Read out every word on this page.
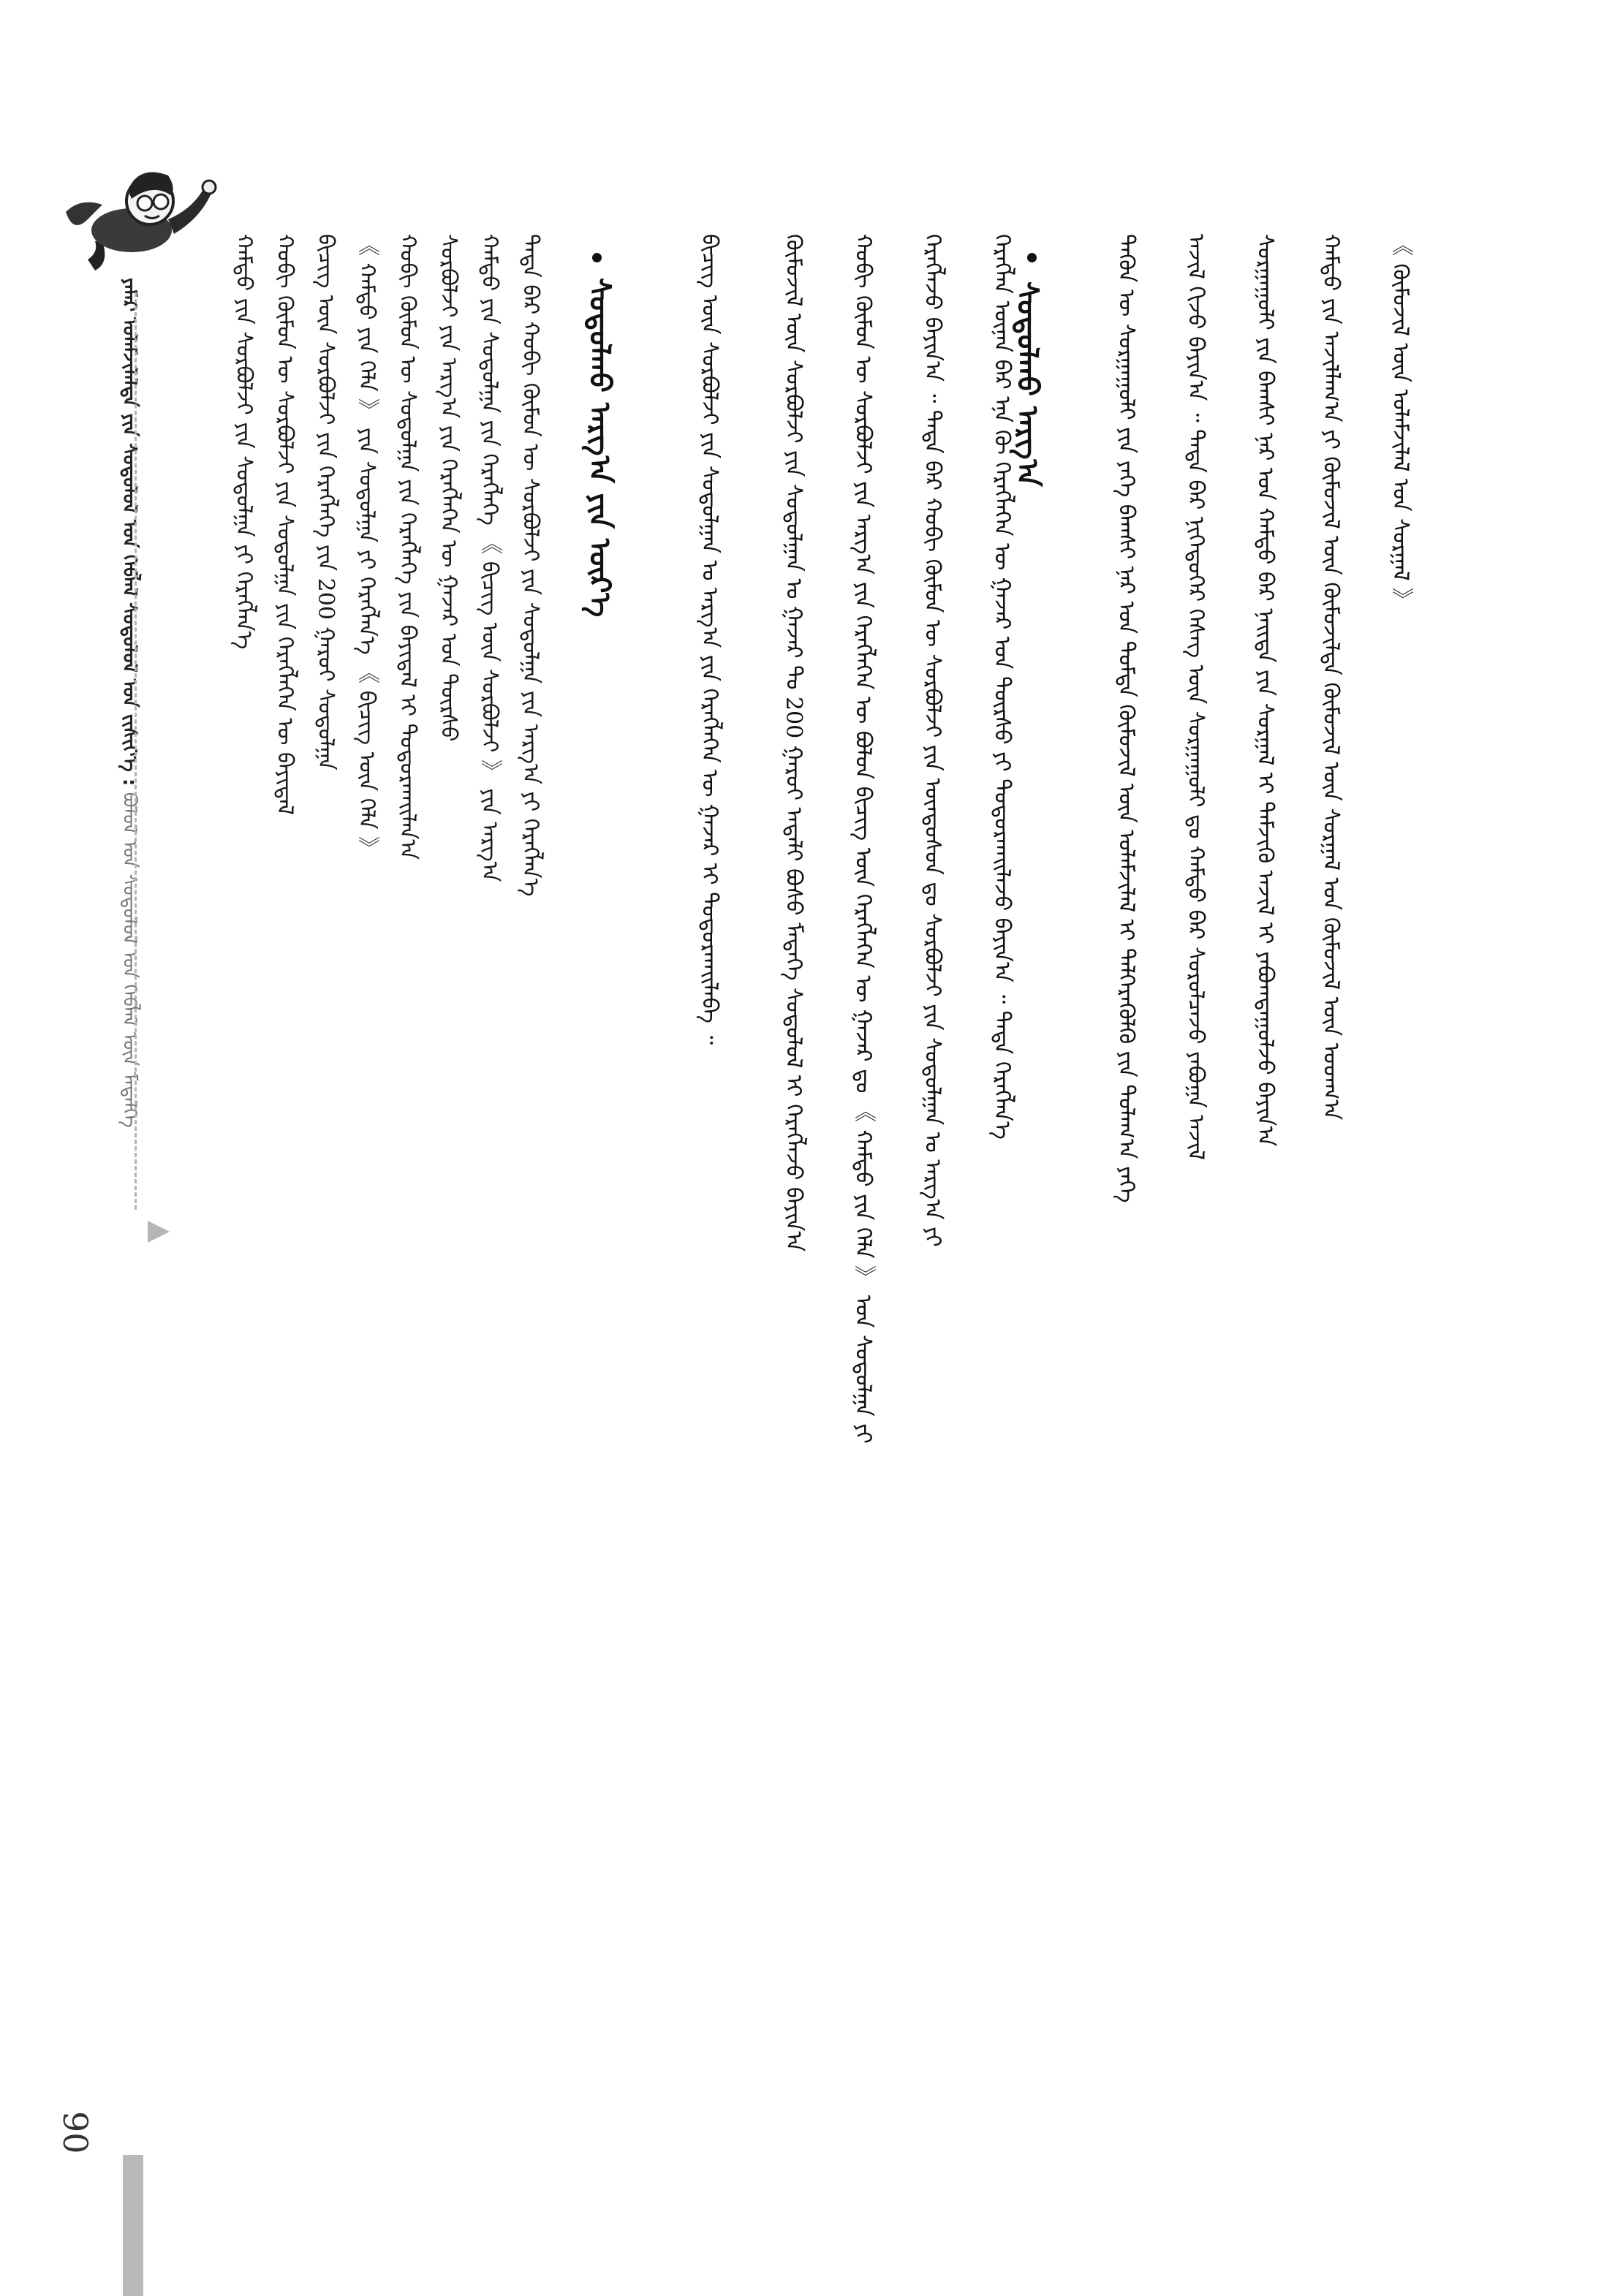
ᠶᠠᠮᠠᠷ ᠤᠯᠠᠮᠵᠢᠯᠠᠯᠲᠠ ᠶᠢᠨ ᠰᠤᠳᠤᠯᠤᠯ ᠤᠨ ᠬᠡᠪᠯᠡᠯ ᠰᠤᠳᠤᠯᠤᠯ ᠤᠨ ᠵᠢᠰᠢᠶ᠎ᠡ : ᠪᠤᠯᠤᠯ ᠤᠨ ᠰᠤᠳᠤᠯᠤᠯ ᠤᠨ ᠬᠡᠪᠯᠡᠯ ᠦᠨ ᠮᠡᠳᠡᠯᠭᠡ
ᠬᠠᠮᠲᠤ ᠶᠢᠨ ᠰᠤᠷᠪᠤᠯᠵᠢ ᠶᠢᠨ ᠰᠤᠳᠤᠯᠭᠠ ᠶᠢ ᠬᠡᠷᠡᠭᠯᠡᠨ᠎ᠡ ᠬᠤᠪᠢ ᠬᠦᠮᠦᠨ ᠦ ᠰᠤᠷᠪᠤᠯᠵᠢ ᠶᠢᠨ ᠰᠤᠳᠤᠯᠭᠠ ᠶᠢᠨ ᠬᠡᠷᠡᠭᠯᠡᠭᠡᠨ ᠦ ᠪᠠᠶᠢᠳᠠᠯ ᠪᠢᠴᠢᠭ ᠦᠨ ᠰᠤᠷᠪᠤᠯᠵᠢ ᠶᠢᠨ ᠬᠡᠷᠡᠭᠯᠡᠭᠡ ᠶᠢᠨ 200 ᠭᠠᠷᠤᠢ ᠰᠤᠳᠤᠯᠭᠠ 《 ᠬᠠᠮᠲᠤ ᠶᠢᠨ ᠬᠡᠯᠡ 》 ᠶᠢᠨ ᠰᠤᠳᠤᠯᠭᠠ ᠶᠢ ᠬᠡᠷᠡᠭᠯᠡᠨ᠎ᠡ 《 ᠪᠢᠴᠢᠭ ᠦᠨ ᠬᠡᠯᠡ 》 ᠬᠤᠪᠢ ᠬᠦᠮᠦᠨ ᠦ ᠰᠤᠳᠤᠯᠭᠠ ᠶᠢᠨ ᠬᠡᠷᠡᠭᠯᠡᠭᠡ ᠶᠢᠨ ᠪᠠᠶᠢᠳᠠᠯ ᠢ ᠲᠣᠳᠣᠷᠬᠠᠢᠯᠠᠨ᠎ᠠ ᠰᠤᠷᠪᠤᠯᠵᠢ ᠶᠢᠨ ᠠᠷᠭ᠎ᠠ ᠶᠢᠨ ᠬᠡᠷᠡᠭᠯᠡᠭᠡᠨ ᠦ ᠭᠠᠵᠠᠷ ᠤᠨ ᠳᠦᠷᠰᠦ ᠬᠠᠮᠲᠤ ᠶᠢᠨ ᠰᠤᠳᠤᠯᠭᠠ ᠶᠢᠨ ᠬᠡᠷᠡᠭᠯᠡᠭᠡ 《 ᠪᠢᠴᠢᠭ ᠦᠨ ᠰᠤᠷᠪᠤᠯᠵᠢ 》 ᠶᠢᠨ ᠠᠷᠭ᠎ᠠ ᠲᠡᠳᠡ ᠪᠡᠷ ᠬᠤᠪᠢ ᠬᠦᠮᠦᠨ ᠦ ᠰᠤᠷᠪᠤᠯᠵᠢ ᠶᠢᠨ ᠰᠤᠳᠤᠯᠭᠠ ᠶᠢᠨ ᠠᠷᠭ᠎ᠠ ᠶᠢ ᠬᠡᠷᠡᠭᠯᠡᠨ᠎ᠡ ᠰᠤᠳᠤᠯᠬᠤ ᠠᠷᠭ᠎ᠠ ᠶᠢᠨ ᠦᠷ᠎ᠡ	ᠪᠢᠴᠢᠭ ᠦᠨ ᠰᠤᠷᠪᠤᠯᠵᠢ ᠶᠢᠨ ᠰᠤᠳᠤᠯᠭᠠᠨ ᠤ ᠠᠷᠭ᠎ᠠ ᠶᠢᠨ ᠬᠡᠷᠡᠭᠯᠡᠭᠡᠨ ᠦ ᠭᠠᠵᠠᠷ ᠢ ᠲᠣᠳᠣᠷᠬᠠᠢᠯᠠᠪᠠ ᠃	ᠬᠦᠮᠦᠵᠢᠯ ᠦᠨ ᠰᠤᠷᠪᠤᠯᠵᠢ ᠶᠢᠨ ᠰᠤᠳᠤᠯᠭᠠᠨ ᠤ ᠭᠠᠵᠠᠷ ᠲᠤ 200 ᠭᠠᠷᠤᠢ ᠠᠳᠠᠯᠢ ᠪᠤᠰᠤ ᠮᠡᠳᠡᠭᠡ ᠰᠤᠳᠤᠯᠤᠯ ᠢ ᠬᠡᠷᠡᠭᠯᠡᠵᠦ ᠪᠠᠶᠢᠨ᠎ᠠ ᠬᠤᠪᠢ ᠬᠦᠮᠦᠨ ᠦ ᠰᠤᠷᠪᠤᠯᠵᠢ ᠶᠢᠨ ᠠᠷᠭ᠎ᠠ ᠶᠢᠨ ᠬᠡᠷᠡᠭᠯᠡᠭᠡᠨ ᠦ ᠪᠤᠯᠤᠨ ᠪᠢᠴᠢᠭ ᠦᠨ ᠬᠡᠷᠡᠭᠯᠡᠭᠡᠨ ᠦ ᠭᠠᠵᠠᠷ ᠳᠤ 《 ᠬᠠᠮᠲᠤ ᠶᠢᠨ ᠬᠡᠯᠡ 》 ᠤᠨ ᠰᠤᠳᠤᠯᠭᠠ ᠶᠢ ᠬᠡᠷᠡᠭᠯᠡᠵᠦ ᠪᠠᠶᠢᠨ᠎ᠠ ᠃ ᠲᠡᠳᠡ ᠪᠡᠷ ᠬᠤᠪᠢ ᠬᠦᠮᠦᠨ ᠦ ᠰᠤᠷᠪᠤᠯᠵᠢ ᠶᠢᠨ ᠦᠨᠳᠦᠰᠦᠨ ᠳᠤ ᠰᠤᠷᠪᠤᠯᠵᠢ ᠶᠢᠨ ᠰᠤᠳᠤᠯᠭᠠᠨ ᠤ ᠠᠷᠭ᠎ᠠ ᠶᠢ ᠬᠡᠷᠡᠭᠯᠡᠨ ᠦᠨᠡᠨ ᠪᠡᠷ ᠡᠨᠡ ᠬᠦ ᠬᠡᠷᠡᠭᠯᠡᠭᠡᠨ ᠦ ᠭᠠᠵᠠᠷ ᠤᠨ ᠳᠦᠷᠰᠦ ᠶᠢ ᠲᠣᠳᠣᠷᠬᠠᠢᠯᠠᠵᠤ ᠪᠠᠶᠢᠨ᠎ᠠ ᠃ ᠲᠡᠳᠡ ᠬᠡᠷᠡᠭᠯᠡᠨ᠎ᠡ
ᠰᠤᠳᠤᠯᠬᠤ ᠠᠷᠭ᠎ᠠ	ᠲᠡᠭᠦᠨ ᠦ ᠰᠤᠷᠭᠠᠭᠤᠯᠢ ᠶᠢᠨ ᠶᠡᠬᠡ ᠪᠠᠭᠰᠢ ᠨᠠᠷ ᠤᠨ ᠳᠤᠮᠳᠠ ᠬᠦᠮᠦᠵᠢᠯ ᠦᠨ ᠤᠯᠠᠮᠵᠢᠯᠠᠯ ᠢ ᠳᠡᠯᠭᠡᠷᠡᠭᠦᠯᠬᠦ ᠶᠢᠨ ᠲᠤᠯᠠᠭ᠎ᠠ ᠶᠡᠬᠡ ᠠᠵᠢᠯ ᠬᠢᠵᠦ ᠪᠠᠶᠢᠨ᠎ᠠ ᠃ ᠲᠡᠳᠡ ᠪᠡᠷ ᠨᠢᠭᠡᠳᠦᠭᠡᠷ ᠬᠡᠰᠡᠭ ᠦᠨ ᠰᠤᠷᠭᠠᠭᠤᠯᠢ ᠳᠤ ᠬᠠᠮᠲᠤ ᠪᠡᠷ ᠰᠤᠷᠤᠯᠴᠠᠵᠤ ᠶᠠᠪᠤᠭᠠ ᠠᠵᠢᠯ ᠰᠤᠷᠭᠠᠭᠤᠯᠢ ᠶᠢᠨ ᠪᠠᠭᠰᠢ ᠨᠠᠷ ᠤᠨ ᠬᠠᠮᠲᠤ ᠪᠡᠷ ᠨᠡᠢᠲᠡ ᠶᠢᠨ ᠰᠤᠷᠭᠠᠯ ᠢ ᠳᠡᠮᠵᠢᠬᠦ ᠠᠵᠢᠯ ᠢ ᠶᠠᠪᠤᠭᠳᠠᠭᠤᠯᠵᠤ ᠪᠠᠶᠢᠨ᠎ᠠ ᠬᠠᠮᠲᠤ ᠶᠢᠨ ᠠᠵᠢᠯᠯᠠᠭ᠎ᠠ ᠶᠢ ᠬᠦᠮᠦᠵᠢᠯ ᠦᠨ ᠬᠦᠮᠦᠵᠢᠯᠲᠡ ᠬᠦᠮᠦᠵᠢᠯ ᠦᠨ ᠰᠤᠷᠭᠠᠯ ᠤᠨ ᠬᠦᠮᠦᠵᠢᠯ ᠦᠨ ᠤᠳᠬ᠎ᠠ 《 ᠬᠦᠮᠦᠵᠢᠯ ᠦᠨ ᠤᠯᠠᠮᠵᠢᠯᠠᠯ ᠤᠨ ᠰᠤᠷᠭᠠᠯ 》
90
